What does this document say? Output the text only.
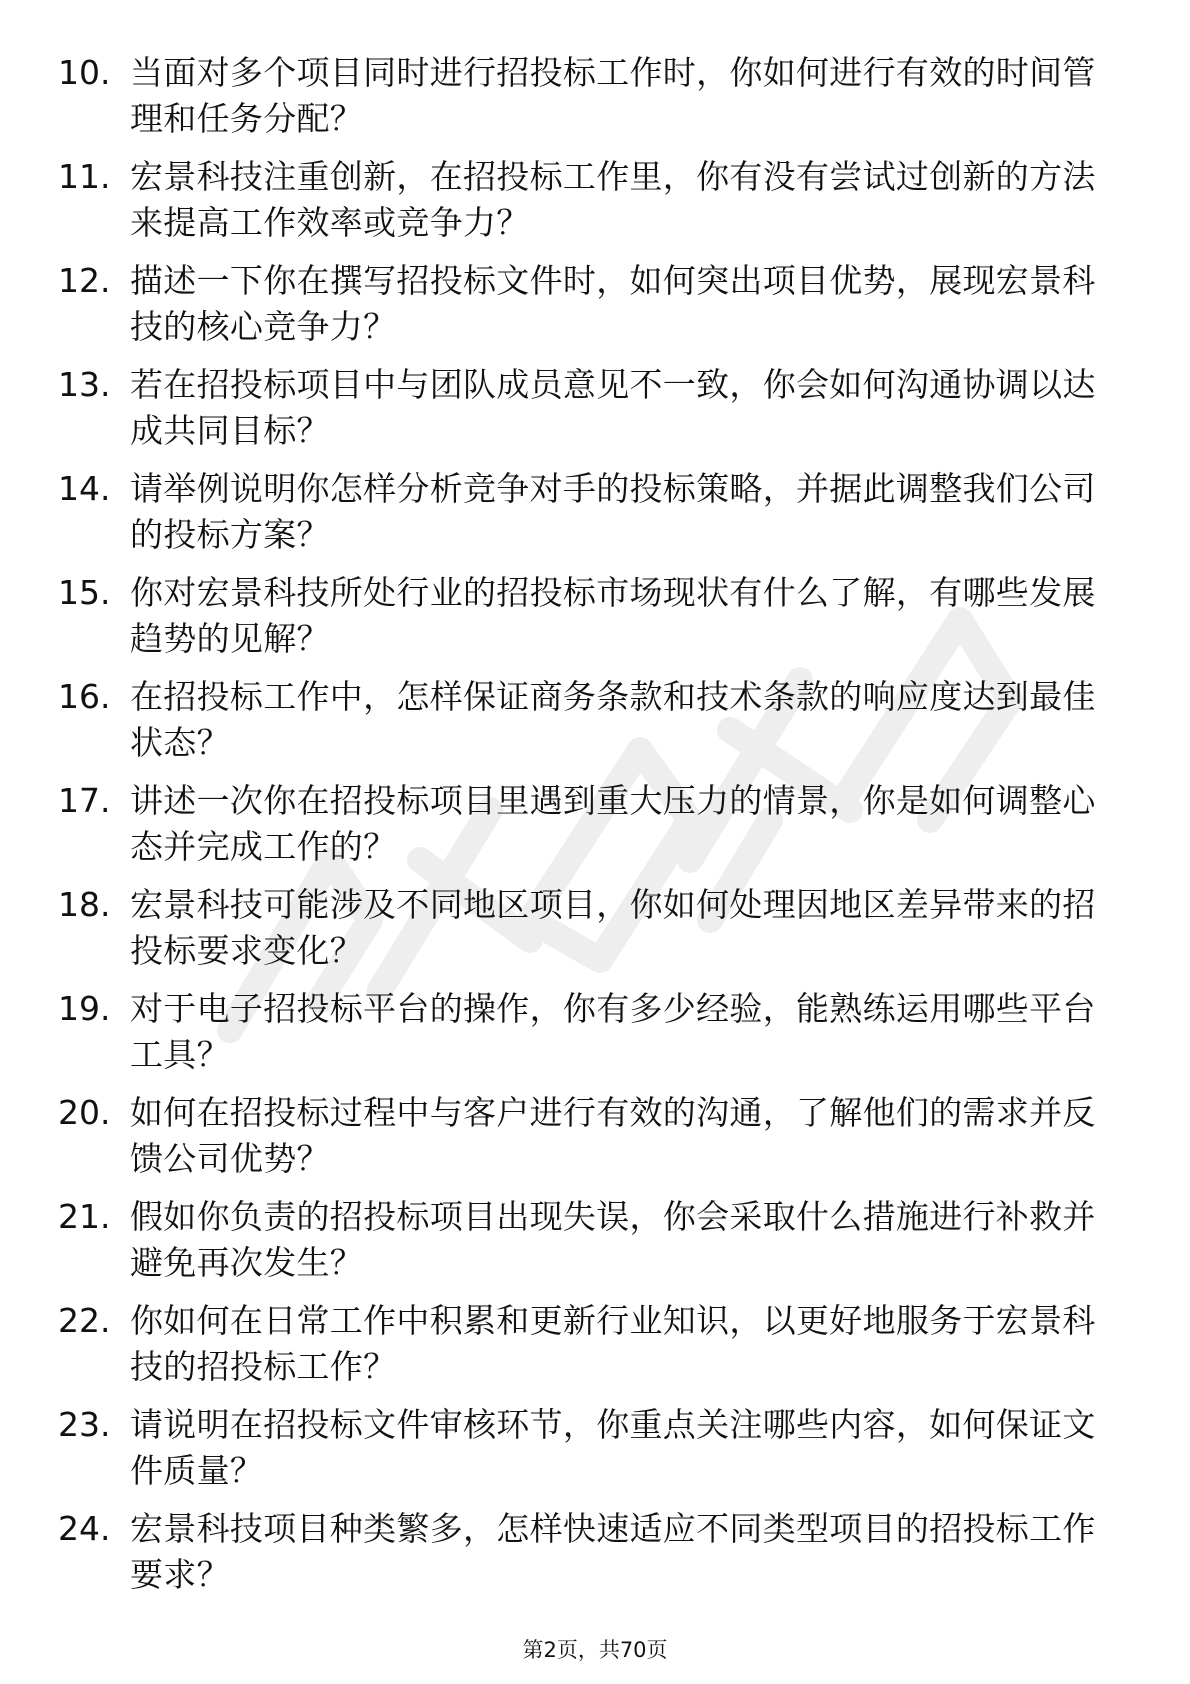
10. 当面对多个项目同时进行招投标工作时，你如何进行有效的时间管理和任务分配？
11. 宏景科技注重创新，在招投标工作里，你有没有尝试过创新的方法来提高工作效率或竞争力？
12. 描述一下你在撰写招投标文件时，如何突出项目优势，展现宏景科技的核心竞争力？
13. 若在招投标项目中与团队成员意见不一致，你会如何沟通协调以达成共同目标？
14. 请举例说明你怎样分析竞争对手的投标策略，并据此调整我们公司的投标方案？
15. 你对宏景科技所处行业的招投标市场现状有什么了解，有哪些发展趋势的见解？
16. 在招投标工作中，怎样保证商务条款和技术条款的响应度达到最佳状态？
17. 讲述一次你在招投标项目里遇到重大压力的情景，你是如何调整心态并完成工作的？
18. 宏景科技可能涉及不同地区项目，你如何处理因地区差异带来的招投标要求变化？
19. 对于电子招投标平台的操作，你有多少经验，能熟练运用哪些平台工具？
20. 如何在招投标过程中与客户进行有效的沟通，了解他们的需求并反馈公司优势？
21. 假如你负责的招投标项目出现失误，你会采取什么措施进行补救并避免再次发生？
22. 你如何在日常工作中积累和更新行业知识，以更好地服务于宏景科技的招投标工作？
23. 请说明在招投标文件审核环节，你重点关注哪些内容，如何保证文件质量？
24. 宏景科技项目种类繁多，怎样快速适应不同类型项目的招投标工作要求？
第2页，共70页
